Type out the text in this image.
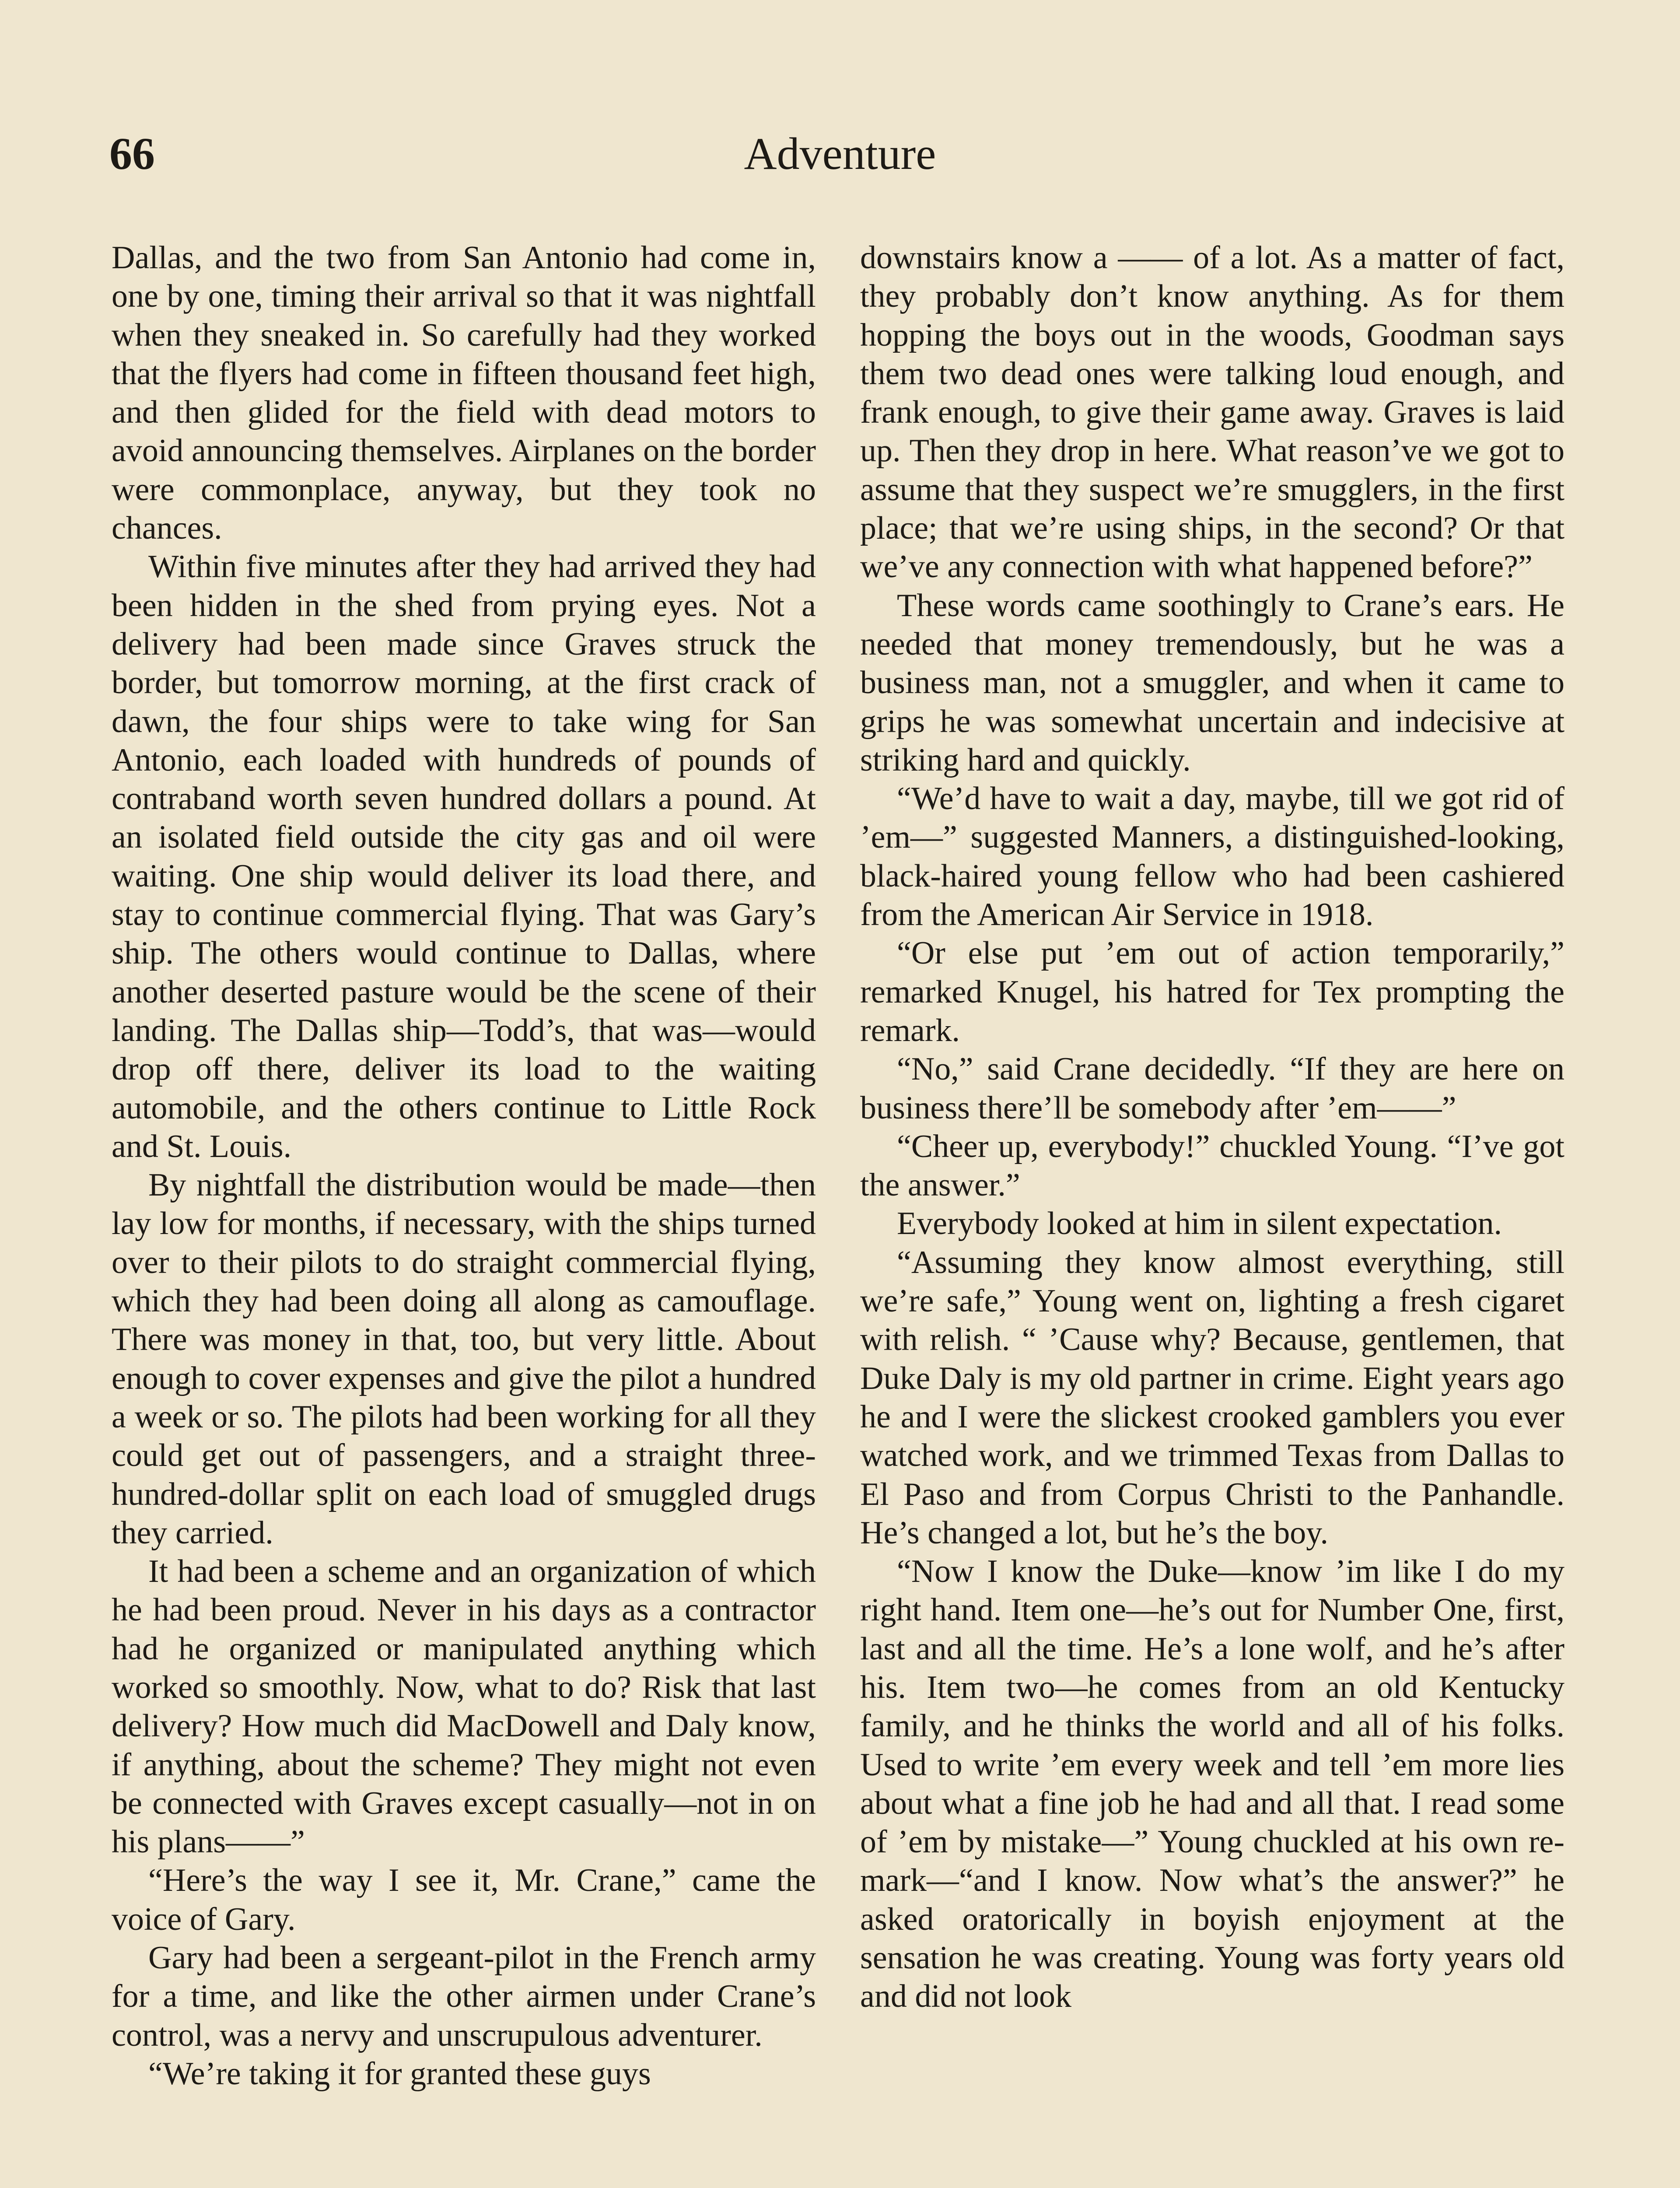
66	Adventure

Dallas, and the two from San Antonio had come in, one by one, timing their arrival so that it was nightfall when they sneaked in. So carefully had they worked that the flyers had come in fifteen thousand feet high, and then glided for the field with dead motors to avoid announcing themselves. Airplanes on the border were commonplace, anyway, but they took no chances.

Within five minutes after they had arrived they had been hidden in the shed from prying eyes. Not a delivery had been made since Graves struck the border, but tomorrow morning, at the first crack of dawn, the four ships were to take wing for San Antonio, each loaded with hundreds of pounds of contraband worth seven hundred dollars a pound. At an isolated field outside the city gas and oil were waiting. One ship would deliver its load there, and stay to continue commercial flying. That was Gary’s ship. The others would continue to Dallas, where another deserted pasture would be the scene of their landing. The Dallas ship—Todd’s, that was—would drop off there, deliver its load to the waiting automobile, and the others continue to Little Rock and St. Louis.

By nightfall the distribution would be made—then lay low for months, if necessary, with the ships turned over to their pilots to do straight commercial flying, which they had been doing all along as camouflage. There was money in that, too, but very little. About enough to cover expenses and give the pilot a hundred a week or so. The pilots had been working for all they could get out of passengers, and a straight three-hundred-dollar split on each load of smuggled drugs they carried.

It had been a scheme and an organization of which he had been proud. Never in his days as a contractor had he organized or manipulated anything which worked so smoothly. Now, what to do? Risk that last delivery? How much did MacDowell and Daly know, if anything, about the scheme? They might not even be connected with Graves except casually—not in on his plans——”

“Here’s the way I see it, Mr. Crane,” came the voice of Gary.

Gary had been a sergeant-pilot in the French army for a time, and like the other airmen under Crane’s control, was a nervy and unscrupulous adventurer.

“We’re taking it for granted these guys

downstairs know a —— of a lot. As a matter of fact, they probably don’t know anything. As for them hopping the boys out in the woods, Goodman says them two dead ones were talking loud enough, and frank enough, to give their game away. Graves is laid up. Then they drop in here. What reason’ve we got to assume that they suspect we’re smugglers, in the first place; that we’re using ships, in the second? Or that we’ve any connection with what happened before?”

These words came soothingly to Crane’s ears. He needed that money tremendously, but he was a business man, not a smuggler, and when it came to grips he was somewhat uncertain and indecisive at striking hard and quickly.

“We’d have to wait a day, maybe, till we got rid of ’em—” suggested Manners, a distinguished-looking, black-haired young fellow who had been cashiered from the American Air Service in 1918.

“Or else put ’em out of action temporarily,” remarked Knugel, his hatred for Tex prompting the remark.

“No,” said Crane decidedly. “If they are here on business there’ll be somebody after ’em——”

“Cheer up, everybody!” chuckled Young. “I’ve got the answer.”

Everybody looked at him in silent expectation.

“Assuming they know almost everything, still we’re safe,” Young went on, lighting a fresh cigaret with relish. “ ’Cause why? Because, gentlemen, that Duke Daly is my old partner in crime. Eight years ago he and I were the slickest crooked gamblers you ever watched work, and we trimmed Texas from Dallas to El Paso and from Corpus Christi to the Panhandle. He’s changed a lot, but he’s the boy.

“Now I know the Duke—know ’im like I do my right hand. Item one—he’s out for Number One, first, last and all the time. He’s a lone wolf, and he’s after his. Item two—he comes from an old Kentucky family, and he thinks the world and all of his folks. Used to write ’em every week and tell ’em more lies about what a fine job he had and all that. I read some of ’em by mistake—” Young chuckled at his own remark—“and I know. Now what’s the answer?” he asked oratorically in boyish enjoyment at the sensation he was creating. Young was forty years old and did not look
